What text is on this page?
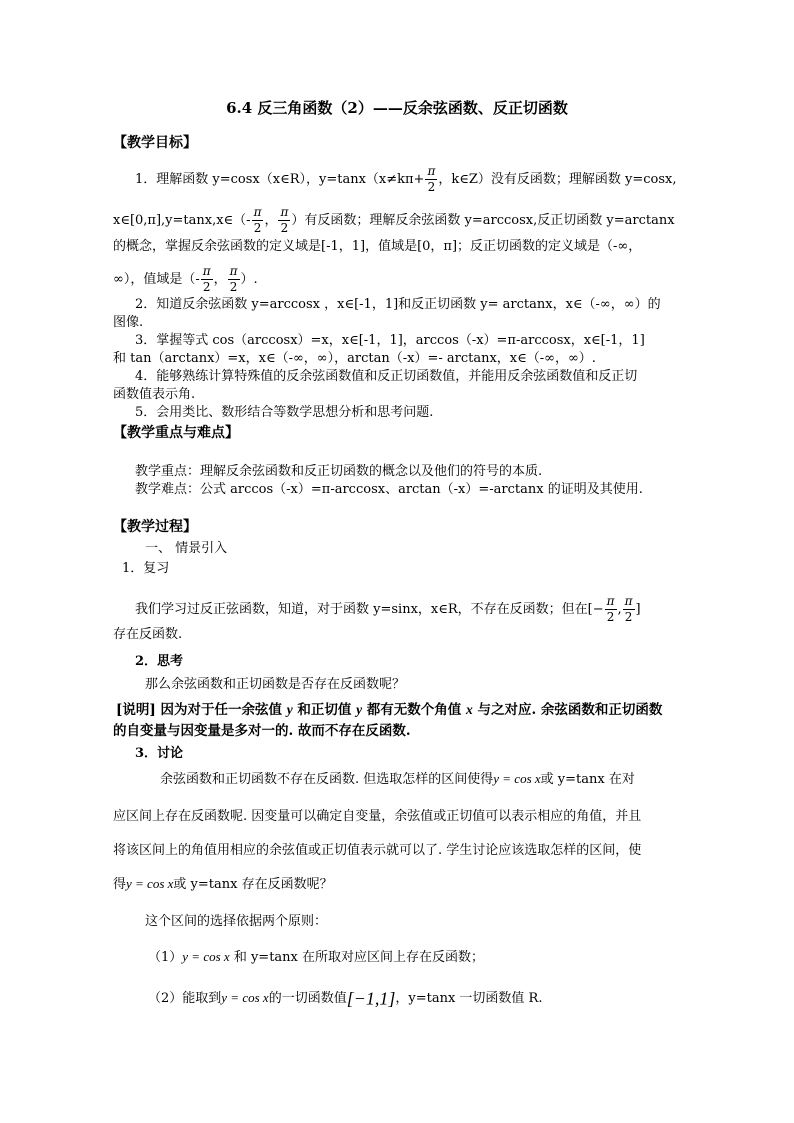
6.4 反三角函数（2）——反余弦函数、反正切函数
【教学目标】
1．理解函数 y=cosx（x∈R），$y=\tan x(x\ne k\pi+ \frac{\pi}{2}$ ，k∈Z）没有反函数；理解函数 y=cosx,
x∈[0,π],y=tanx,x∈（- $\frac{\pi}{2}$ ， $\frac{\pi}{2}$ ）有反函数；理解反余弦函数 y=arccosx,反正切函数 y=arctanx
的概念，掌握反余弦函数的定义域是[-1，1]，值域是[0，π]；反正切函数的定义域是（-∞，
∞），值域是（- $\frac{\pi}{2}$ ， $\frac{\pi}{2}$ ）.
2．知道反余弦函数 y=arccosx ，x∈[-1，1]和反正切函数 y= arctanx，x∈（-∞，∞）的
图像.
3．掌握等式 cos（arccosx）=x，x∈[-1，1]，arccos（-x）=π-arccosx，x∈[-1，1]
和 tan（arctanx）=x，x∈（-∞，∞），arctan（-x）=- arctanx，x∈（-∞，∞）.
4．能够熟练计算特殊值的反余弦函数值和反正切函数值，并能用反余弦函数值和反正切
函数值表示角.
5．会用类比、数形结合等数学思想分析和思考问题.
【教学重点与难点】
教学重点：理解反余弦函数和反正切函数的概念以及他们的符号的本质.
教学难点：公式 arccos（-x）=π-arccosx、arctan（-x）=-arctanx 的证明及其使用.
【教学过程】
一、 情景引入
1．复习
我们学习过反正弦函数，知道，对于函数 y=sinx，x∈R，不存在反函数；但在[− $\frac{\pi}{2}$ , $\frac{\pi}{2}$ ]
存在反函数.
2．思考
那么余弦函数和正切函数是否存在反函数呢？
[说明] 因为对于任一余弦值 y 和正切值 y 都有无数个角值 x 与之对应. 余弦函数和正切函数
的自变量与因变量是多对一的. 故而不存在反函数.
3．讨论
余弦函数和正切函数不存在反函数. 但选取怎样的区间使得y = cos x或 y=tanx 在对
应区间上存在反函数呢. 因变量可以确定自变量，余弦值或正切值可以表示相应的角值，并且
将该区间上的角值用相应的余弦值或正切值表示就可以了. 学生讨论应该选取怎样的区间，使
得y = cos x或 y=tanx 存在反函数呢？
这个区间的选择依据两个原则：
（1）y = cos x 和 y=tanx 在所取对应区间上存在反函数；
（2）能取到y = cos x的一切函数值[−1,1]，y=tanx 一切函数值 R.
